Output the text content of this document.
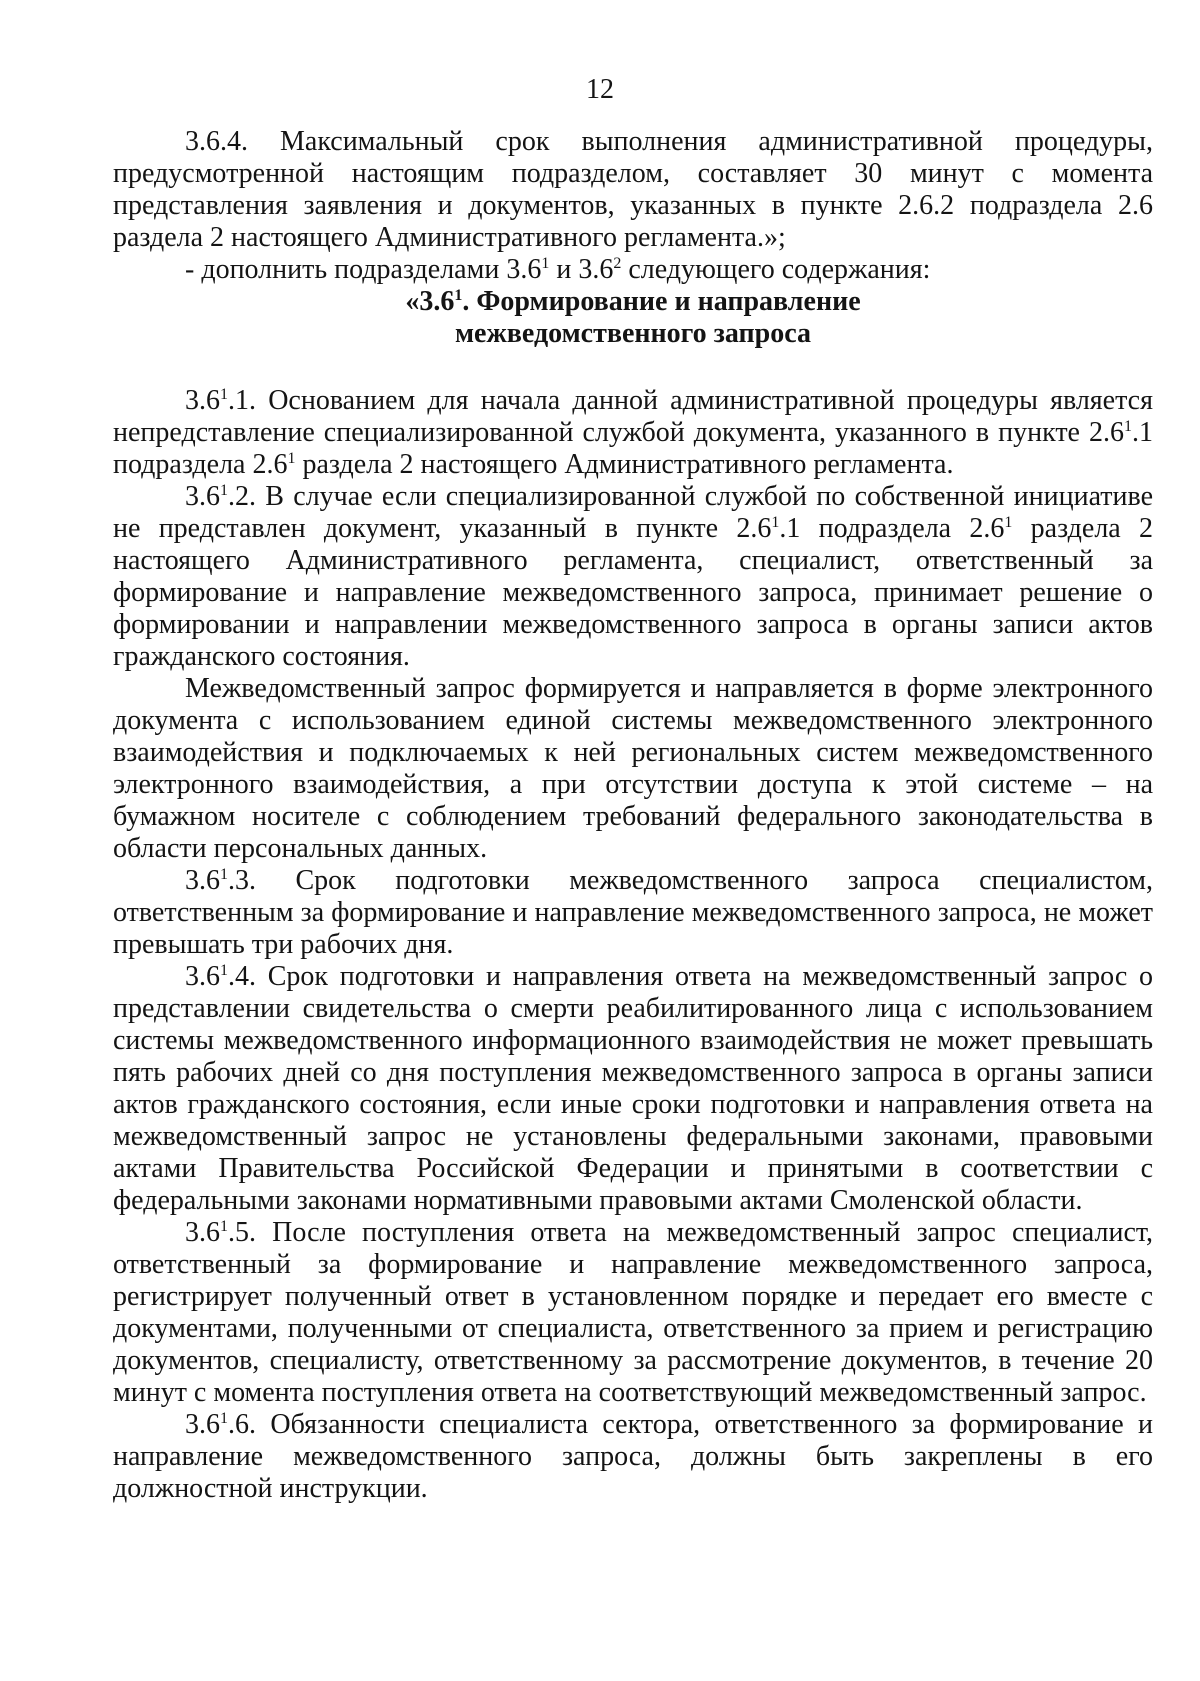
12

3.6.4. Максимальный срок выполнения административной процедуры, предусмотренной настоящим подразделом, составляет 30 минут с момента представления заявления и документов, указанных в пункте 2.6.2 подраздела 2.6 раздела 2 настоящего Административного регламента.»;

- дополнить подразделами $3.6^1$ и $3.6^2$ следующего содержания:

«$3.6^1$. Формирование и направление
межведомственного запроса

$3.6^1.1$. Основанием для начала данной административной процедуры является непредставление специализированной службой документа, указанного в пункте $2.6^1.1$ подраздела $2.6^1$ раздела 2 настоящего Административного регламента.

$3.6^1.2$. В случае если специализированной службой по собственной инициативе не представлен документ, указанный в пункте $2.6^1.1$ подраздела $2.6^1$ раздела 2 настоящего Административного регламента, специалист, ответственный за формирование и направление межведомственного запроса, принимает решение о формировании и направлении межведомственного запроса в органы записи актов гражданского состояния.

Межведомственный запрос формируется и направляется в форме электронного документа с использованием единой системы межведомственного электронного взаимодействия и подключаемых к ней региональных систем межведомственного электронного взаимодействия, а при отсутствии доступа к этой системе – на бумажном носителе с соблюдением требований федерального законодательства в области персональных данных.

$3.6^1.3$. Срок подготовки межведомственного запроса специалистом, ответственным за формирование и направление межведомственного запроса, не может превышать три рабочих дня.

$3.6^1.4$. Срок подготовки и направления ответа на межведомственный запрос о представлении свидетельства о смерти реабилитированного лица с использованием системы межведомственного информационного взаимодействия не может превышать пять рабочих дней со дня поступления межведомственного запроса в органы записи актов гражданского состояния, если иные сроки подготовки и направления ответа на межведомственный запрос не установлены федеральными законами, правовыми актами Правительства Российской Федерации и принятыми в соответствии с федеральными законами нормативными правовыми актами Смоленской области.

$3.6^1.5$. После поступления ответа на межведомственный запрос специалист, ответственный за формирование и направление межведомственного запроса, регистрирует полученный ответ в установленном порядке и передает его вместе с документами, полученными от специалиста, ответственного за прием и регистрацию документов, специалисту, ответственному за рассмотрение документов, в течение 20 минут с момента поступления ответа на соответствующий межведомственный запрос.

$3.6^1.6$. Обязанности специалиста сектора, ответственного за формирование и направление межведомственного запроса, должны быть закреплены в его должностной инструкции.
